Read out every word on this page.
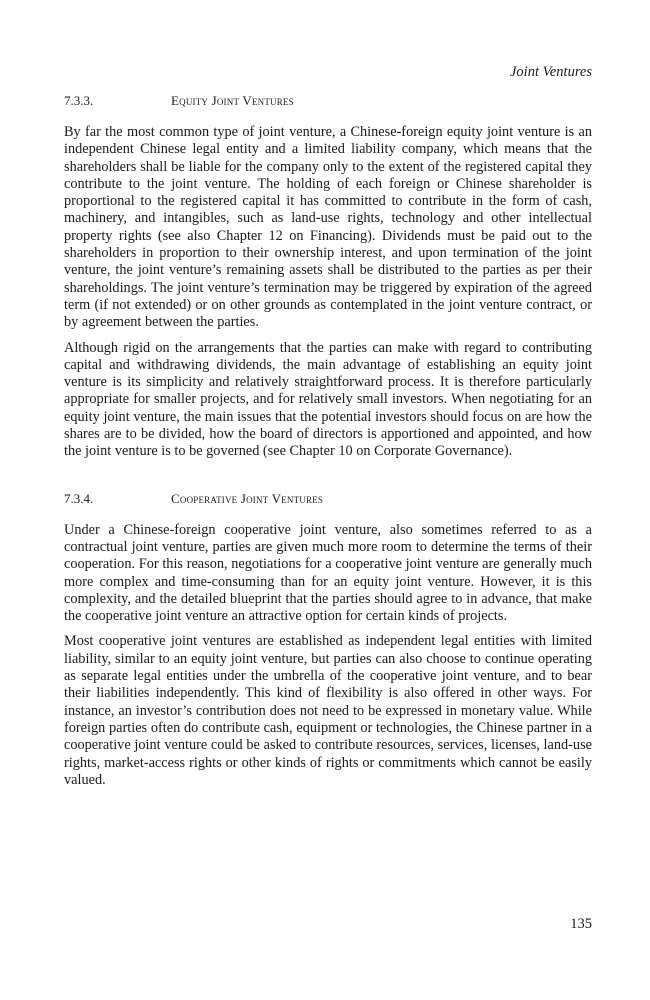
Joint Ventures
7.3.3.	Equity Joint Ventures

By far the most common type of joint venture, a Chinese-foreign equity joint venture is an independent Chinese legal entity and a limited liability company, which means that the shareholders shall be liable for the company only to the extent of the registered capital they contribute to the joint venture. The holding of each foreign or Chinese shareholder is proportional to the registered capital it has committed to contribute in the form of cash, machinery, and intangibles, such as land-use rights, technology and other intellectual property rights (see also Chapter 12 on Financing). Dividends must be paid out to the shareholders in proportion to their ownership interest, and upon termination of the joint venture, the joint venture’s remaining assets shall be distributed to the parties as per their shareholdings. The joint venture’s termination may be triggered by expiration of the agreed term (if not extended) or on other grounds as contemplated in the joint venture contract, or by agreement between the parties.

Although rigid on the arrangements that the parties can make with regard to contributing capital and withdrawing dividends, the main advantage of establishing an equity joint venture is its simplicity and relatively straightforward process. It is therefore particularly appropriate for smaller projects, and for relatively small investors. When negotiating for an equity joint venture, the main issues that the potential investors should focus on are how the shares are to be divided, how the board of directors is apportioned and appointed, and how the joint venture is to be governed (see Chapter 10 on Corporate Governance).

7.3.4.	Cooperative Joint Ventures

Under a Chinese-foreign cooperative joint venture, also sometimes referred to as a contractual joint venture, parties are given much more room to determine the terms of their cooperation. For this reason, negotiations for a cooperative joint venture are generally much more complex and time-consuming than for an equity joint venture. However, it is this complexity, and the detailed blueprint that the parties should agree to in advance, that make the cooperative joint venture an attractive option for certain kinds of projects.

Most cooperative joint ventures are established as independent legal entities with limited liability, similar to an equity joint venture, but parties can also choose to continue operating as separate legal entities under the umbrella of the cooperative joint venture, and to bear their liabilities independently. This kind of flexibility is also offered in other ways. For instance, an investor’s contribution does not need to be expressed in monetary value. While foreign parties often do contribute cash, equipment or technologies, the Chinese partner in a cooperative joint venture could be asked to contribute resources, services, licenses, land-use rights, market-access rights or other kinds of rights or commitments which cannot be easily valued.

135
